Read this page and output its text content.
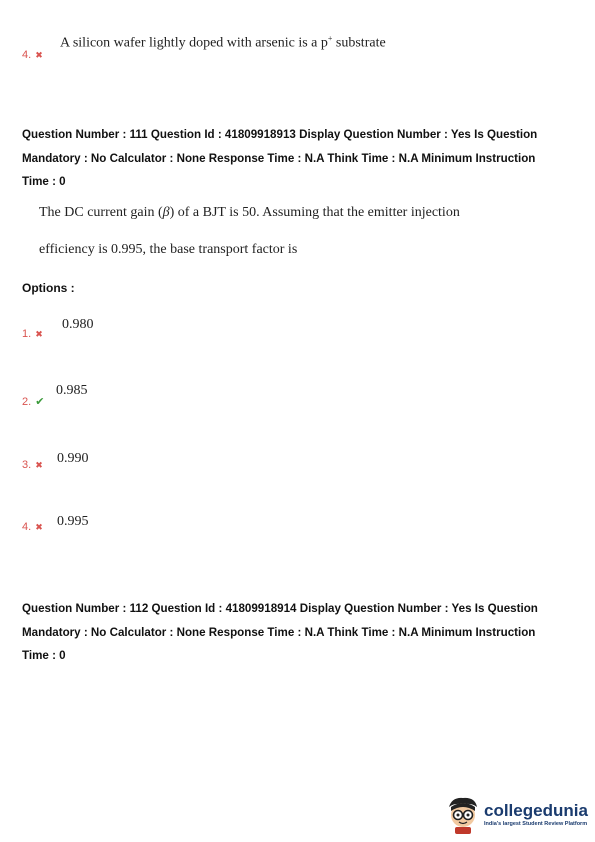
4. ✖
A silicon wafer lightly doped with arsenic is a p+ substrate
Question Number : 111 Question Id : 41809918913 Display Question Number : Yes Is Question
Mandatory : No Calculator : None Response Time : N.A Think Time : N.A Minimum Instruction
Time : 0
The DC current gain (β) of a BJT is 50. Assuming that the emitter injection
efficiency is 0.995, the base transport factor is
Options :
1. ✖
0.980
2. ✔
0.985
3. ✖ 0.990
4. ✖ 0.995
Question Number : 112 Question Id : 41809918914 Display Question Number : Yes Is Question
Mandatory : No Calculator : None Response Time : N.A Think Time : N.A Minimum Instruction
Time : 0
collegedunia
India's largest Student Review Platform
